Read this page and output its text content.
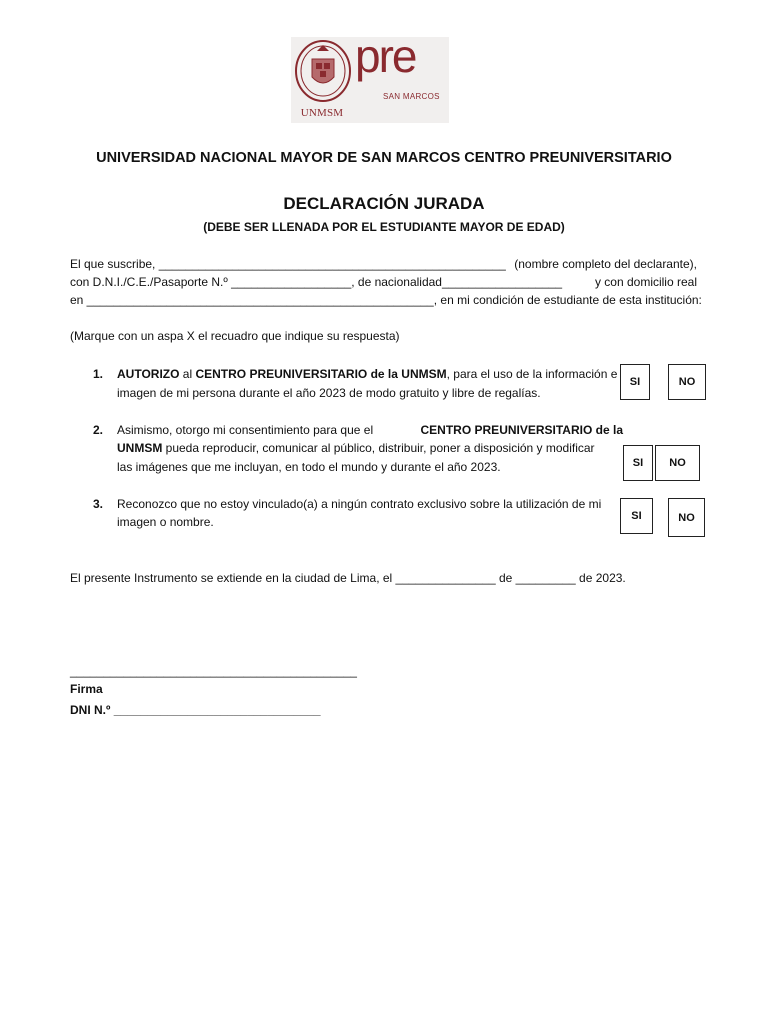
UNMSM
pre
SAN MARCOS
UNIVERSIDAD NACIONAL MAYOR DE SAN MARCOS CENTRO PREUNIVERSITARIO
DECLARACIÓN JURADA
(DEBE SER LLENADA POR EL ESTUDIANTE MAYOR DE EDAD)
El que suscribe, ____________________________________________________ (nombre completo del declarante),
con D.N.I./C.E./Pasaporte N.º __________________, de nacionalidad__________________	y con domicilio real
en ____________________________________________________, en mi condición de estudiante de esta institución:
(Marque con un aspa X el recuadro que indique su respuesta)
1. AUTORIZO al CENTRO PREUNIVERSITARIO de la UNMSM, para el uso de la información e
imagen de mi persona durante el año 2023 de modo gratuito y libre de regalías.
SI	NO
2. Asimismo, otorgo mi consentimiento para que el	CENTRO PREUNIVERSITARIO de la
UNMSM pueda reproducir, comunicar al público, distribuir, poner a disposición y modificar
las imágenes que me incluyan, en todo el mundo y durante el año 2023.	SI	NO
3. Reconozco que no estoy vinculado(a) a ningún contrato exclusivo sobre la utilización de mi
imagen o nombre.	SI	NO
El presente Instrumento se extiende en la ciudad de Lima, el _______________ de _________ de 2023.
___________________________________________
Firma
DNI N.º _______________________________
